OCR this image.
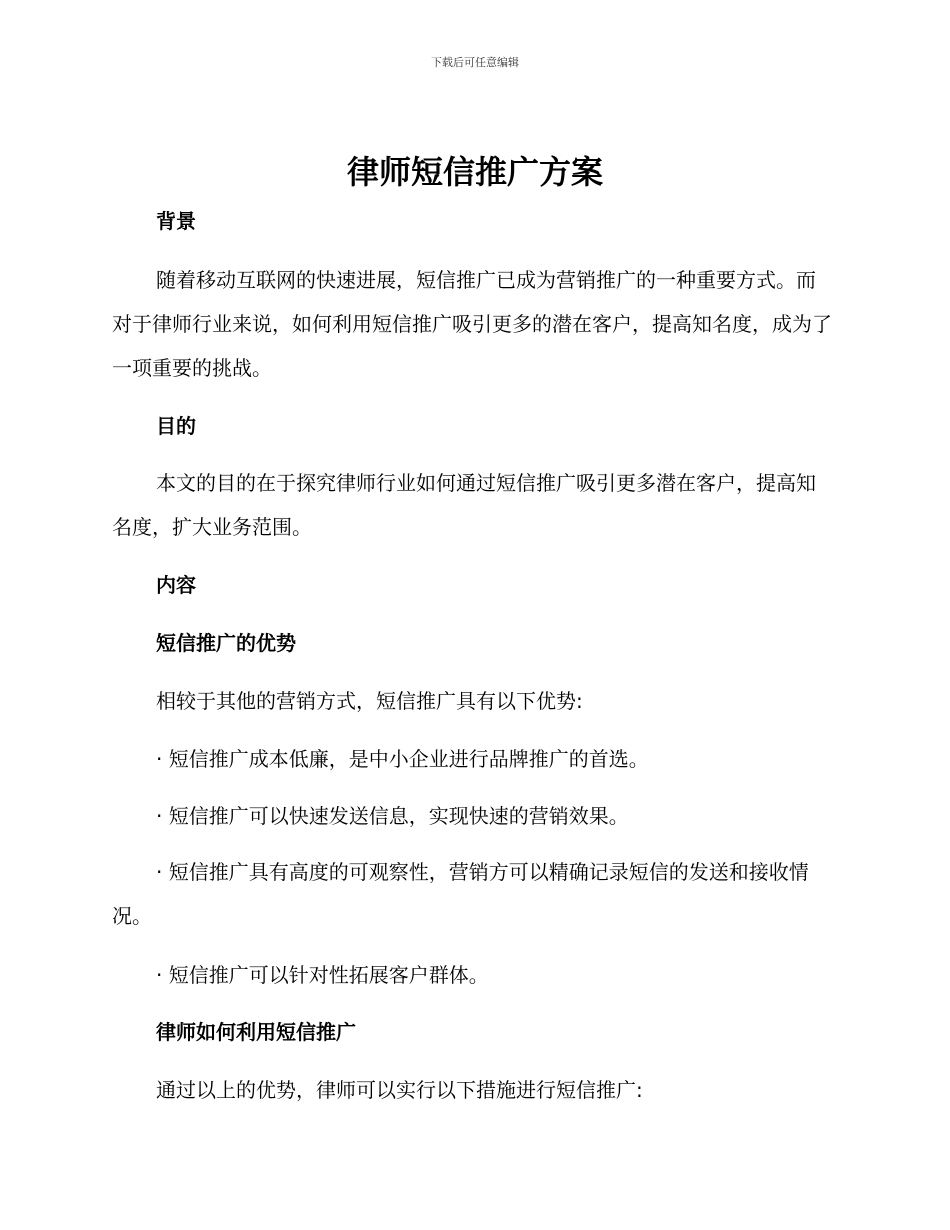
下载后可任意编辑
律师短信推广方案

背景

随着移动互联网的快速进展，短信推广已成为营销推广的一种重要方式。而对于律师行业来说，如何利用短信推广吸引更多的潜在客户，提高知名度，成为了一项重要的挑战。

目的

本文的目的在于探究律师行业如何通过短信推广吸引更多潜在客户，提高知名度，扩大业务范围。

内容

短信推广的优势

相较于其他的营销方式，短信推广具有以下优势:

· 短信推广成本低廉，是中小企业进行品牌推广的首选。

· 短信推广可以快速发送信息，实现快速的营销效果。

· 短信推广具有高度的可观察性，营销方可以精确记录短信的发送和接收情况。

· 短信推广可以针对性拓展客户群体。

律师如何利用短信推广

通过以上的优势，律师可以实行以下措施进行短信推广:
